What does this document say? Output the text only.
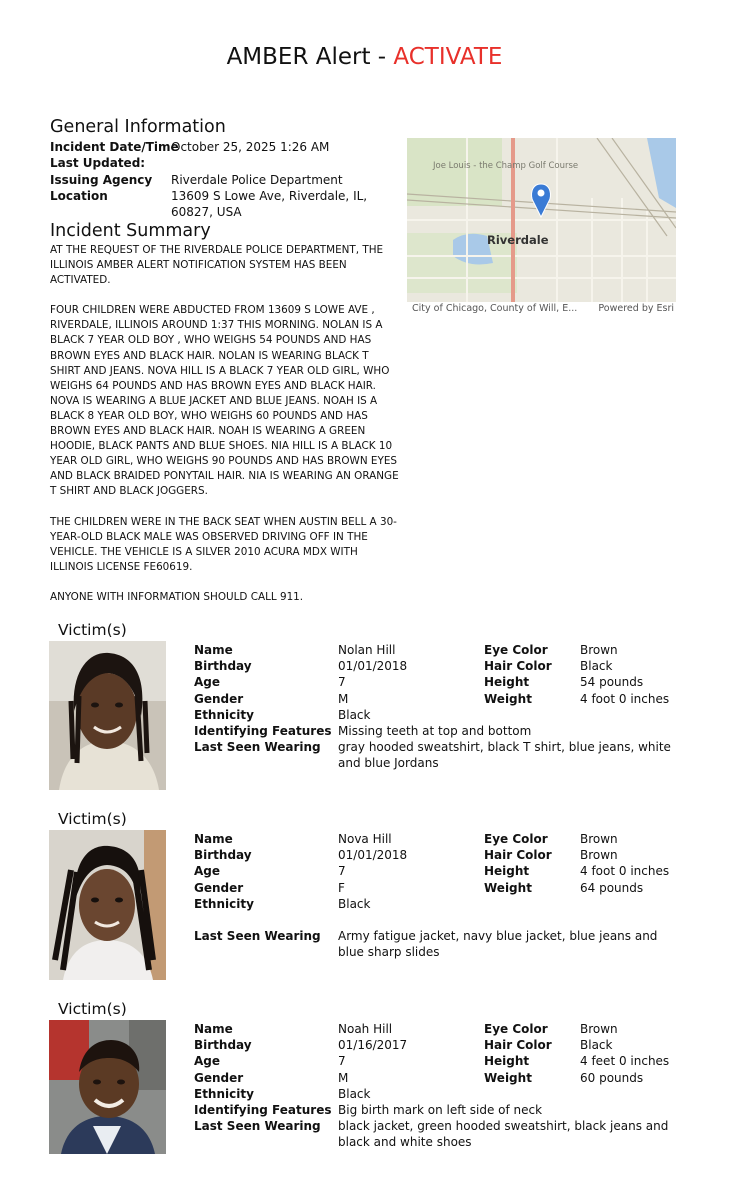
AMBER Alert - ACTIVATE
General Information
Incident Date/Time
October 25, 2025 1:26 AM
Last Updated:
Issuing Agency	Riverdale Police Department
Location	13609 S Lowe Ave, Riverdale, IL, 60827, USA
Incident Summary

AT THE REQUEST OF THE RIVERDALE POLICE DEPARTMENT, THE ILLINOIS AMBER ALERT NOTIFICATION SYSTEM HAS BEEN ACTIVATED.

FOUR CHILDREN WERE ABDUCTED FROM 13609 S LOWE AVE , RIVERDALE, ILLINOIS AROUND 1:37 THIS MORNING. NOLAN IS A BLACK 7 YEAR OLD BOY , WHO WEIGHS 54 POUNDS AND HAS BROWN EYES AND BLACK HAIR. NOLAN IS WEARING BLACK T SHIRT AND JEANS. NOVA HILL IS A BLACK 7 YEAR OLD GIRL, WHO WEIGHS 64 POUNDS AND HAS BROWN EYES AND BLACK HAIR. NOVA IS WEARING A BLUE JACKET AND BLUE JEANS. NOAH IS A BLACK 8 YEAR OLD BOY, WHO WEIGHS 60 POUNDS AND HAS BROWN EYES AND BLACK HAIR. NOAH IS WEARING A GREEN HOODIE, BLACK PANTS AND BLUE SHOES. NIA HILL IS A BLACK 10 YEAR OLD GIRL, WHO WEIGHS 90 POUNDS AND HAS BROWN EYES AND BLACK BRAIDED PONYTAIL HAIR. NIA IS WEARING AN ORANGE T SHIRT AND BLACK JOGGERS.

THE CHILDREN WERE IN THE BACK SEAT WHEN AUSTIN BELL A 30-YEAR-OLD BLACK MALE WAS OBSERVED DRIVING OFF IN THE VEHICLE. THE VEHICLE IS A SILVER 2010 ACURA MDX WITH ILLINOIS LICENSE FE60619.

ANYONE WITH INFORMATION SHOULD CALL 911.

Joe Louis - the Champ Golf Course
Riverdale
City of Chicago, County of Will, E... Powered by Esri
Victim(s)
Name
Birthday
Age
Gender
Ethnicity
Identifying Features
Last Seen Wearing
Nolan Hill
01/01/2018
7
M
Black
Missing teeth at top and bottom
gray hooded sweatshirt, black T shirt, blue jeans, white and blue Jordans
Eye Color
Hair Color
Height
Weight
Brown
Black
54 pounds
4 foot 0 inches
Victim(s)
Name
Birthday
Age
Gender
Ethnicity
Last Seen Wearing
Nova Hill
01/01/2018
7
F
Black
Army fatigue jacket, navy blue jacket, blue jeans and blue sharp slides
Eye Color
Hair Color
Height
Weight
Brown
Brown
4 foot 0 inches
64 pounds
Victim(s)
Name
Birthday
Age
Gender
Ethnicity
Identifying Features
Last Seen Wearing
Noah Hill
01/16/2017
7
M
Black
Big birth mark on left side of neck
black jacket, green hooded sweatshirt, black jeans and black and white shoes
Eye Color
Hair Color
Height
Weight
Brown
Black
4 feet 0 inches
60 pounds
